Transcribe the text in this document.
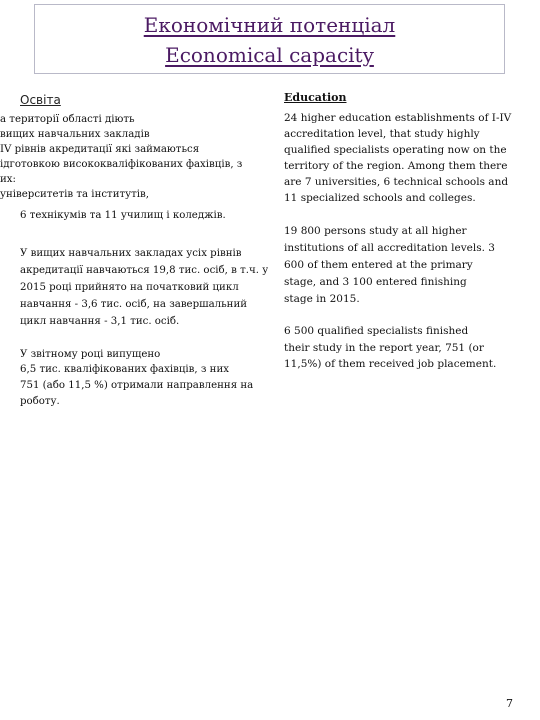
Економічний потенціал
Economical capacity
Освіта
а території області діють
вищих навчальних закладів
IV рівнів акредитації які займаються
ідготовкою висококваліфікованих фахівців, з
их:
університетів та інститутів,
6 технікумів та 11 училищ і коледжів.
У вищих навчальних закладах усіх рівнів
акредитації навчаються 19,8 тис. осіб, в т.ч. у
2015 році прийнято на початковий цикл
навчання - 3,6 тис. осіб, на завершальний
цикл навчання - 3,1 тис. осіб.
У звітному році випущено
6,5 тис. кваліфікованих фахівців, з них
751 (або 11,5 %) отримали направлення на
роботу.
Education
24 higher education establishments of I-IV
accreditation level, that study highly
qualified specialists operating now on the
territory of the region. Among them there
are 7 universities, 6 technical schools and
11 specialized schools and colleges.
19 800 persons study at all higher
institutions of all accreditation levels. 3
600 of them entered at the primary
stage, and 3 100 entered finishing
stage in 2015.
6 500 qualified specialists finished
their study in the report year, 751 (or
11,5%) of them received job placement.
7
